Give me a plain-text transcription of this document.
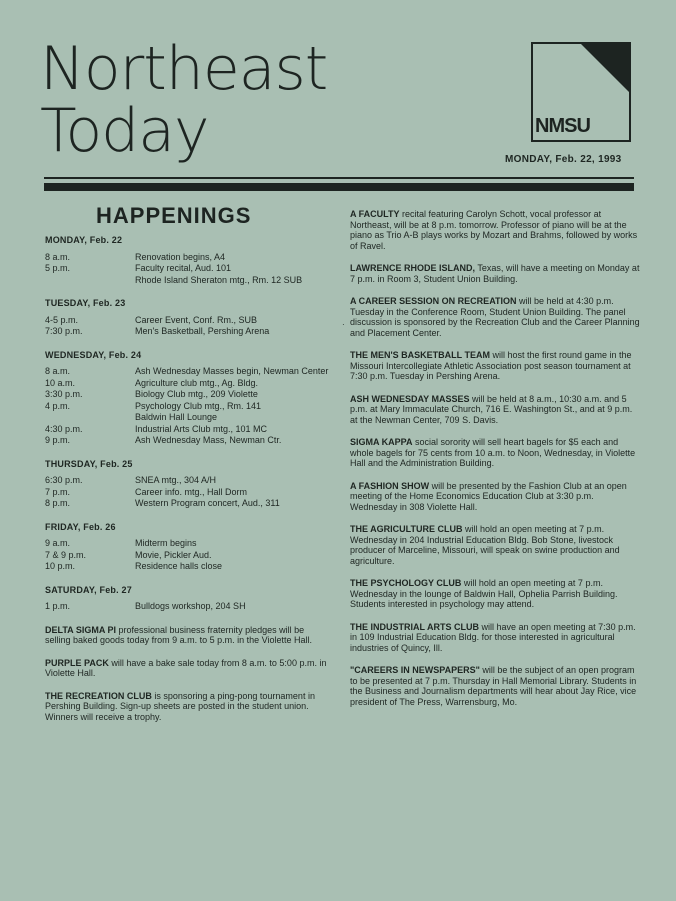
Northeast
Today	NMSU
MONDAY, Feb. 22, 1993
HAPPENINGS
MONDAY, Feb. 22
8 a.m.	Renovation begins, A4
5 p.m.	Faculty recital, Aud. 101
Rhode Island Sheraton mtg., Rm. 12 SUB
TUESDAY, Feb. 23
4-5 p.m.	Career Event, Conf. Rm., SUB
7:30 p.m.	Men's Basketball, Pershing Arena
WEDNESDAY, Feb. 24
8 a.m.	Ash Wednesday Masses begin, Newman Center
10 a.m.	Agriculture club mtg., Ag. Bldg.
3:30 p.m.	Biology Club mtg., 209 Violette
4 p.m.	Psychology Club mtg., Rm. 141
Baldwin Hall Lounge
4:30 p.m.	Industrial Arts Club mtg., 101 MC
9 p.m.	Ash Wednesday Mass, Newman Ctr.
THURSDAY, Feb. 25
6:30 p.m.	SNEA mtg., 304 A/H
7 p.m.	Career info. mtg., Hall Dorm
8 p.m.	Western Program concert, Aud., 311
FRIDAY, Feb. 26
9 a.m.	Midterm begins
7 & 9 p.m.	Movie, Pickler Aud.
10 p.m.	Residence halls close
SATURDAY, Feb. 27
1 p.m.	Bulldogs workshop, 204 SH
DELTA SIGMA PI professional business fraternity pledges will be selling baked goods today from 9 a.m. to 5 p.m. in the Violette Hall.
PURPLE PACK will have a bake sale today from 8 a.m. to 5:00 p.m. in Violette Hall.
THE RECREATION CLUB is sponsoring a ping-pong tournament in Pershing Building. Sign-up sheets are posted in the student union. Winners will receive a trophy.
·
A FACULTY recital featuring Carolyn Schott, vocal professor at Northeast, will be at 8 p.m. tomorrow. Professor of piano will be at the piano as Trio A-B plays works by Mozart and Brahms, followed by works of Ravel.
LAWRENCE RHODE ISLAND, Texas, will have a meeting on Monday at 7 p.m. in Room 3, Student Union Building.
A CAREER SESSION ON RECREATION will be held at 4:30 p.m. Tuesday in the Conference Room, Student Union Building. The panel discussion is sponsored by the Recreation Club and the Career Planning and Placement Center.
THE MEN'S BASKETBALL TEAM will host the first round game in the Missouri Intercollegiate Athletic Association post season tournament at 7:30 p.m. Tuesday in Pershing Arena.
ASH WEDNESDAY MASSES will be held at 8 a.m., 10:30 a.m. and 5 p.m. at Mary Immaculate Church, 716 E. Washington St., and at 9 p.m. at the Newman Center, 709 S. Davis.
SIGMA KAPPA social sorority will sell heart bagels for $5 each and whole bagels for 75 cents from 10 a.m. to Noon, Wednesday, in Violette Hall and the Administration Building.
A FASHION SHOW will be presented by the Fashion Club at an open meeting of the Home Economics Education Club at 3:30 p.m. Wednesday in 308 Violette Hall.
THE AGRICULTURE CLUB will hold an open meeting at 7 p.m. Wednesday in 204 Industrial Education Bldg. Bob Stone, livestock producer of Marceline, Missouri, will speak on swine production and agriculture.
THE PSYCHOLOGY CLUB will hold an open meeting at 7 p.m. Wednesday in the lounge of Baldwin Hall, Ophelia Parrish Building. Students interested in psychology may attend.
THE INDUSTRIAL ARTS CLUB will have an open meeting at 7:30 p.m. in 109 Industrial Education Bldg. for those interested in agricultural industries of Quincy, Ill.
"CAREERS IN NEWSPAPERS" will be the subject of an open program to be presented at 7 p.m. Thursday in Hall Memorial Library. Students in the Business and Journalism departments will hear about Jay Rice, vice president of The Press, Warrensburg, Mo.
